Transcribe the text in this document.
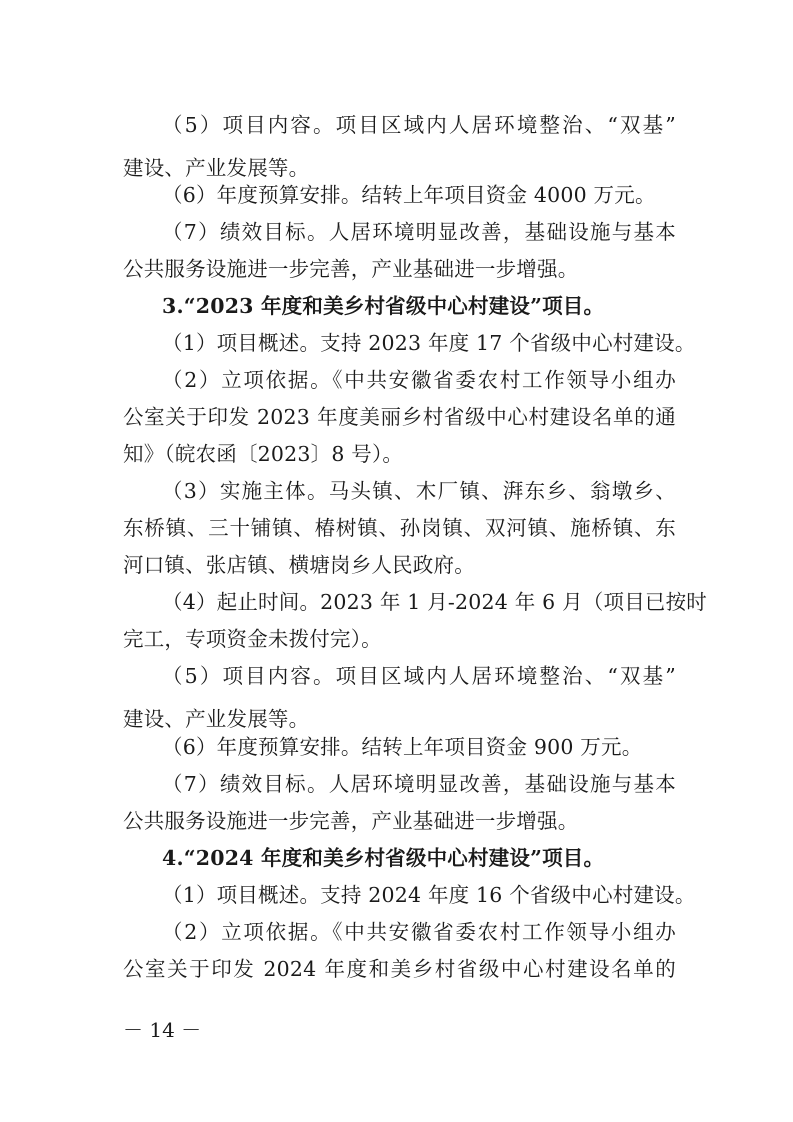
（5）项目内容。项目区域内人居环境整治、“双基”
建设、产业发展等。
（6）年度预算安排。结转上年项目资金 4000 万元。
（7）绩效目标。人居环境明显改善，基础设施与基本
公共服务设施进一步完善，产业基础进一步增强。
3.“2023 年度和美乡村省级中心村建设”项目。
（1）项目概述。支持 2023 年度 17 个省级中心村建设。
（2）立项依据。《中共安徽省委农村工作领导小组办
公室关于印发 2023 年度美丽乡村省级中心村建设名单的通
知》（皖农函〔2023〕8 号）。
（3）实施主体。马头镇、木厂镇、湃东乡、翁墩乡、
东桥镇、三十铺镇、椿树镇、孙岗镇、双河镇、施桥镇、东
河口镇、张店镇、横塘岗乡人民政府。
（4）起止时间。2023 年 1 月-2024 年 6 月（项目已按时
完工，专项资金未拨付完）。
（5）项目内容。项目区域内人居环境整治、“双基”
建设、产业发展等。
（6）年度预算安排。结转上年项目资金 900 万元。
（7）绩效目标。人居环境明显改善，基础设施与基本
公共服务设施进一步完善，产业基础进一步增强。
4.“2024 年度和美乡村省级中心村建设”项目。
（1）项目概述。支持 2024 年度 16 个省级中心村建设。
（2）立项依据。《中共安徽省委农村工作领导小组办
公室关于印发 2024 年度和美乡村省级中心村建设名单的
－ 14 －
